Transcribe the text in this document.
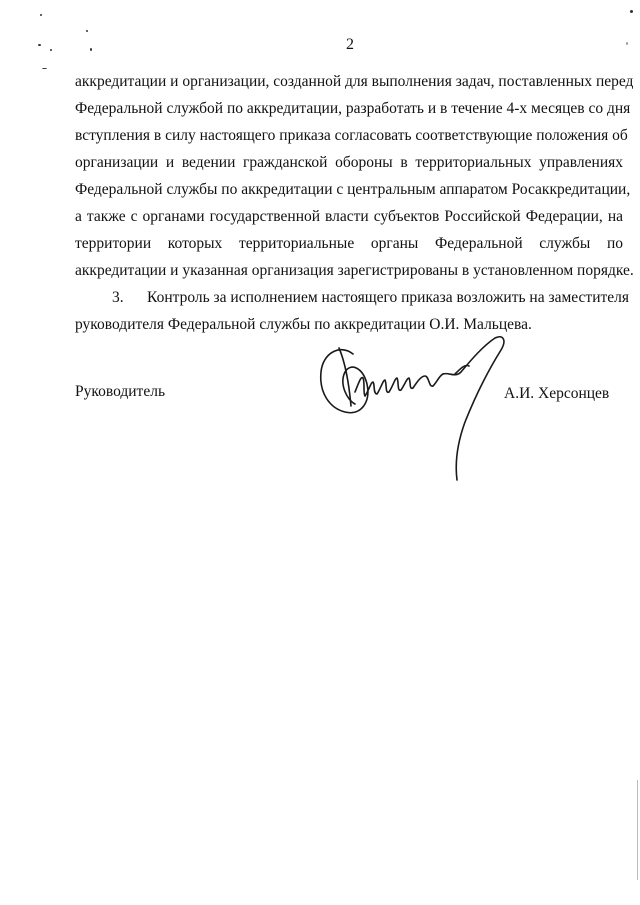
2

аккредитации и организации, созданной для выполнения задач, поставленных перед
Федеральной службой по аккредитации, разработать и в течение 4-х месяцев со дня
вступления в силу настоящего приказа согласовать соответствующие положения об
организации и ведении гражданской обороны в территориальных управлениях
Федеральной службы по аккредитации с центральным аппаратом Росаккредитации,
а также с органами государственной власти субъектов Российской Федерации, на
территории которых территориальные органы Федеральной службы по
аккредитации и указанная организация зарегистрированы в установленном порядке.

3. Контроль за исполнением настоящего приказа возложить на заместителя
руководителя Федеральной службы по аккредитации О.И. Мальцева.

Руководитель	А.И. Херсонцев
